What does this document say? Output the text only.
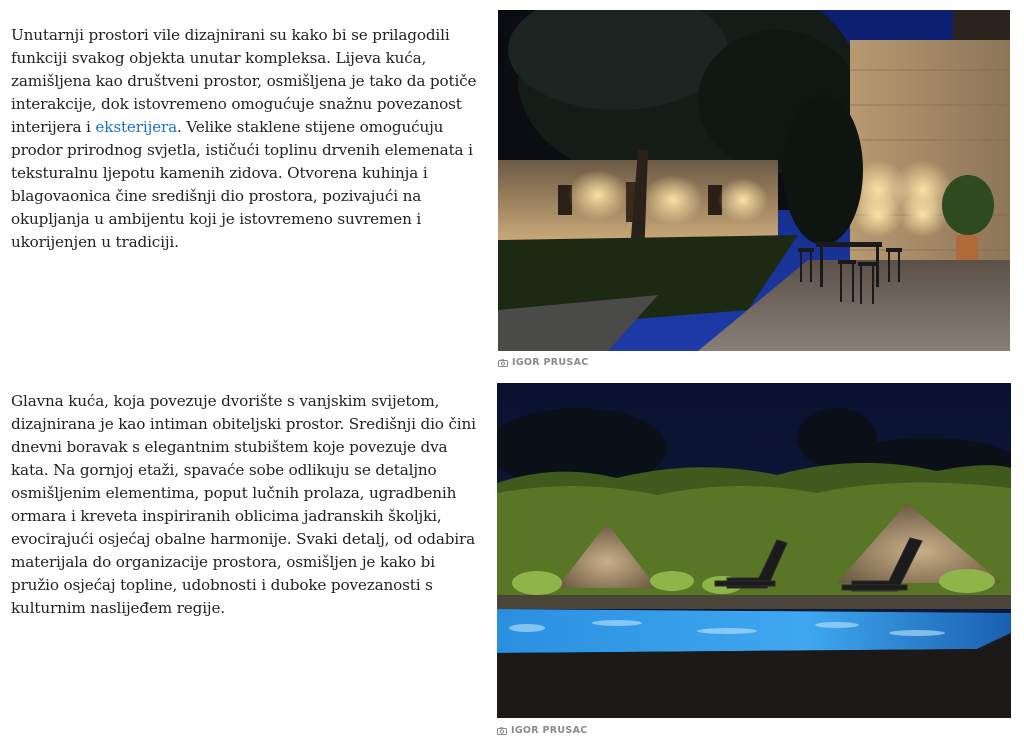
Unutarnji prostori vile dizajnirani su kako bi se prilagodili funkciji svakog objekta unutar kompleksa. Lijeva kuća, zamišljena kao društveni prostor, osmišljena je tako da potiče interakcije, dok istovremeno omogućuje snažnu povezanost interijera i ekst​erijera. Velike staklene stijene omogućuju prodor prirodnog svjetla, ističući toplinu drvenih elemenata i teksturalnu ljepotu kamenih zidova. Otvorena kuhinja i blagovaonica čine središnji dio prostora, pozivajući na okupljanja u ambijentu koji je istovremeno suvremen i ukorijenjen u tradiciji.

Glavna kuća, koja povezuje dvorište s vanjskim svijetom, dizajnirana je kao intiman obiteljski prostor. Središnji dio čini dnevni boravak s elegantnim stubištem koje povezuje dva kata. Na gornjoj etaži, spavaće sobe odlikuju se detaljno osmišljenim elementima, poput lučnih prolaza, ugradbenih ormara i kreveta inspiriranih oblicima jadranskih školjki, evocirajući osjećaj obalne harmonije. Svaki detalj, od odabira materijala do organizacije prostora, osmišljen je kako bi pružio osjećaj topline, udobnosti i duboke povezanosti s kulturnim naslijeđem regije.

IGOR PRUSAC
IGOR PRUSAC
